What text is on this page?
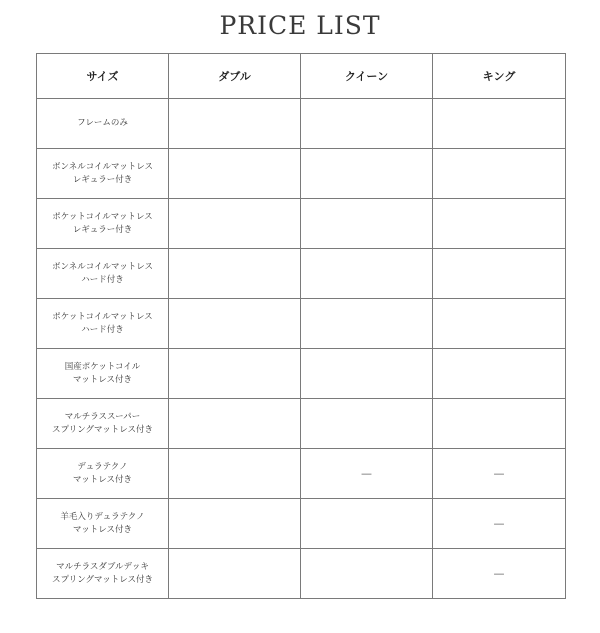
PRICE LIST
サイズ	ダブル	クイーン	キング

フレームのみ			

ボンネルコイルマットレス
レギュラー付き			

ポケットコイルマットレス
レギュラー付き			

ボンネルコイルマットレス
ハード付き			

ポケットコイルマットレス
ハード付き			

国産ポケットコイル
マットレス付き			

マルチラススーパー
スプリングマットレス付き			

デュラテクノ
マットレス付き		—	—

羊毛入りデュラテクノ
マットレス付き			—

マルチラスダブルデッキ
スプリングマットレス付き			—
